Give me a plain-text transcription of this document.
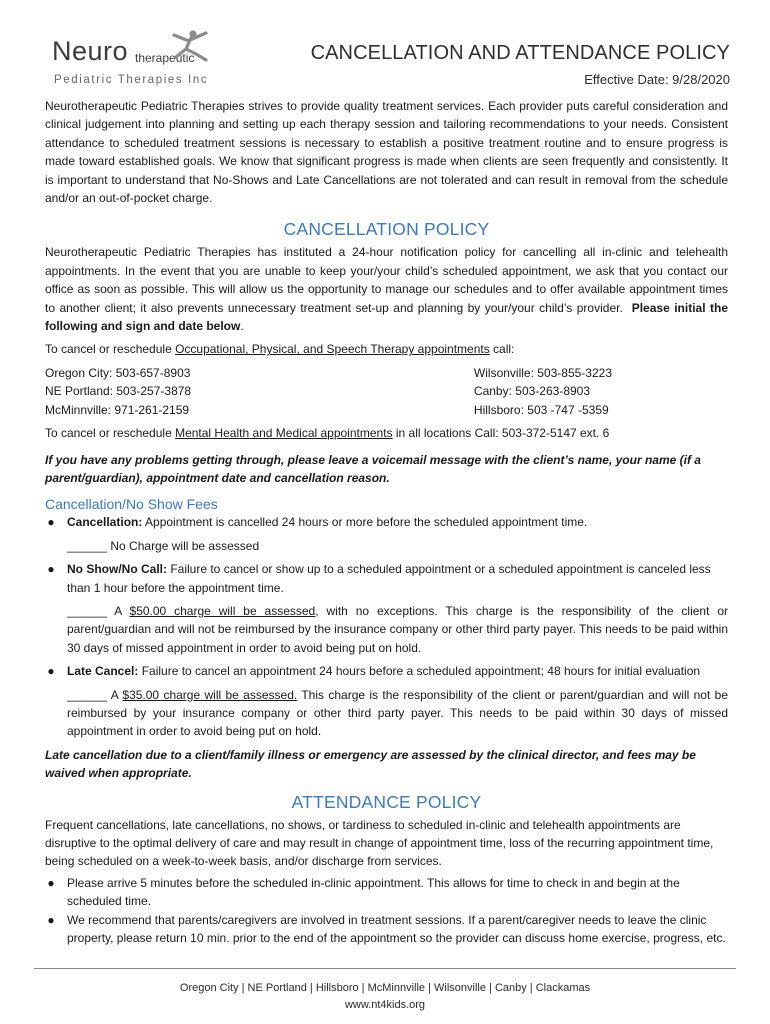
Neuro therapeutic
Pediatric Therapies Inc
CANCELLATION AND ATTENDANCE POLICY
Effective Date: 9/28/2020

Neurotherapeutic Pediatric Therapies strives to provide quality treatment services. Each provider puts careful consideration and clinical judgement into planning and setting up each therapy session and tailoring recommendations to your needs. Consistent attendance to scheduled treatment sessions is necessary to establish a positive treatment routine and to ensure progress is made toward established goals. We know that significant progress is made when clients are seen frequently and consistently. It is important to understand that No-Shows and Late Cancellations are not tolerated and can result in removal from the schedule and/or an out-of-pocket charge.

CANCELLATION POLICY

Neurotherapeutic Pediatric Therapies has instituted a 24-hour notification policy for cancelling all in-clinic and telehealth appointments. In the event that you are unable to keep your/your child’s scheduled appointment, we ask that you contact our office as soon as possible. This will allow us the opportunity to manage our schedules and to offer available appointment times to another client; it also prevents unnecessary treatment set-up and planning by your/your child’s provider. Please initial the following and sign and date below.

To cancel or reschedule Occupational, Physical, and Speech Therapy appointments call:

Oregon City: 503-657-8903
NE Portland: 503-257-3878
McMinnville: 971-261-2159
Wilsonville: 503-855-3223
Canby: 503-263-8903
Hillsboro: 503 -747 -5359

To cancel or reschedule Mental Health and Medical appointments in all locations Call: 503-372-5147 ext. 6

If you have any problems getting through, please leave a voicemail message with the client’s name, your name (if a parent/guardian), appointment date and cancellation reason.

Cancellation/No Show Fees
● Cancellation: Appointment is cancelled 24 hours or more before the scheduled appointment time.

______ No Charge will be assessed

● No Show/No Call: Failure to cancel or show up to a scheduled appointment or a scheduled appointment is canceled less than 1 hour before the appointment time.

______ A $50.00 charge will be assessed, with no exceptions. This charge is the responsibility of the client or parent/guardian and will not be reimbursed by the insurance company or other third party payer. This needs to be paid within 30 days of missed appointment in order to avoid being put on hold.

● Late Cancel: Failure to cancel an appointment 24 hours before a scheduled appointment; 48 hours for initial evaluation

______ A $35.00 charge will be assessed. This charge is the responsibility of the client or parent/guardian and will not be reimbursed by your insurance company or other third party payer. This needs to be paid within 30 days of missed appointment in order to avoid being put on hold.

Late cancellation due to a client/family illness or emergency are assessed by the clinical director, and fees may be waived when appropriate.

ATTENDANCE POLICY

Frequent cancellations, late cancellations, no shows, or tardiness to scheduled in-clinic and telehealth appointments are disruptive to the optimal delivery of care and may result in change of appointment time, loss of the recurring appointment time, being scheduled on a week-to-week basis, and/or discharge from services.

● Please arrive 5 minutes before the scheduled in-clinic appointment. This allows for time to check in and begin at the scheduled time.
● We recommend that parents/caregivers are involved in treatment sessions. If a parent/caregiver needs to leave the clinic property, please return 10 min. prior to the end of the appointment so the provider can discuss home exercise, progress, etc.
Oregon City | NE Portland | Hillsboro | McMinnville | Wilsonville | Canby | Clackamas
www.nt4kids.org
